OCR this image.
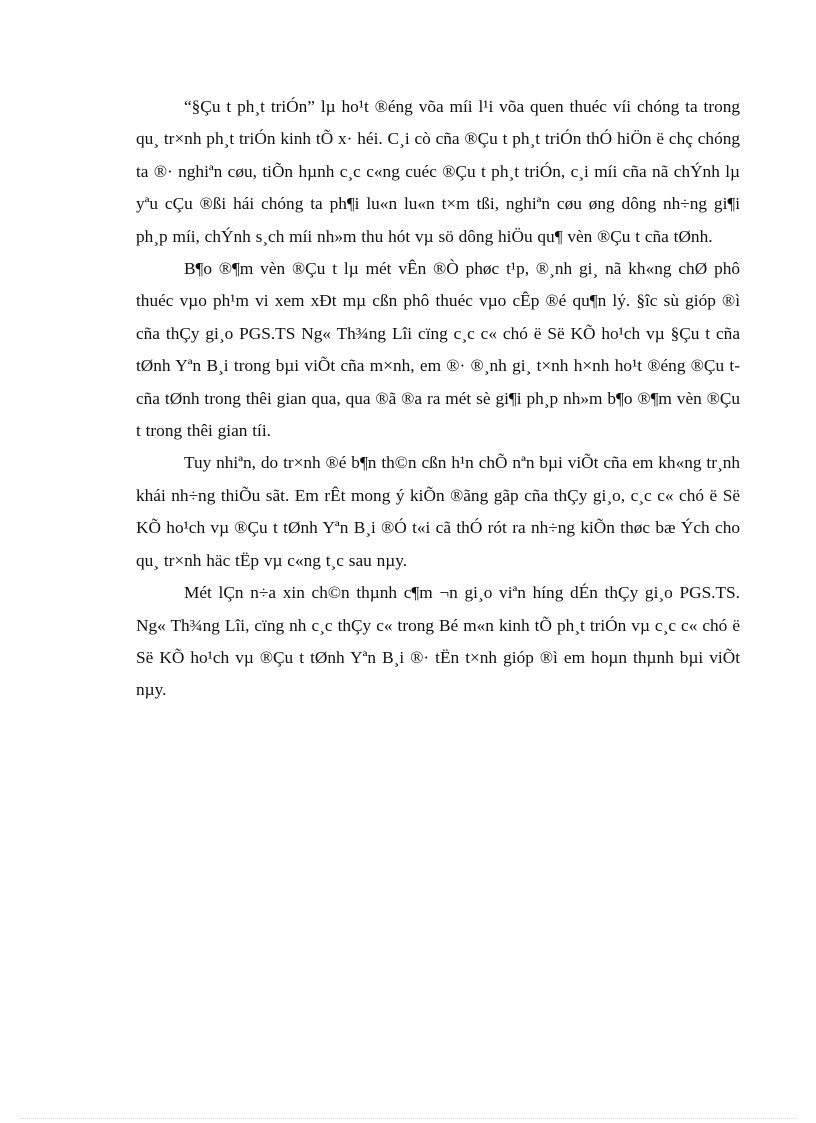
“§Çu t ph¸t triÓn” lµ ho¹t ®éng võa míi l¹i võa quen thuéc víi chóng ta trong qu¸ tr×nh ph¸t triÓn kinh tÕ x· héi. C¸i cò cña ®Çu t ph¸t triÓn thÓ hiÖn ë chç chóng ta ®· nghiªn cøu, tiÕn hµnh c¸c c«ng cuéc ®Çu t ph¸t triÓn, c¸i míi cña nã chÝnh lµ yªu cÇu ®ßi hái chóng ta ph¶i lu«n lu«n t×m tßi, nghiªn cøu øng dông nh÷ng gi¶i ph¸p míi, chÝnh s¸ch míi nh»m thu hót vµ sö dông hiÖu qu¶ vèn ®Çu t cña tØnh.

B¶o ®¶m vèn ®Çu t lµ mét vÊn ®Ò phøc t¹p, ®¸nh gi¸ nã kh«ng chØ phô thuéc vµo ph¹m vi xem xÐt mµ cßn phô thuéc vµo cÊp ®é qu¶n lý. §îc sù gióp ®ì cña thÇy gi¸o PGS.TS Ng« Th¾ng Lîi cïng c¸c c« chó ë Së KÕ ho¹ch vµ §Çu t cña tØnh Yªn B¸i trong bµi viÕt cña m×nh, em ®· ®¸nh gi¸ t×nh h×nh ho¹t ®éng ®Çu t cña tØnh trong thêi gian qua, qua ®ã ®a ra mét sè gi¶i ph¸p nh»m b¶o ®¶m vèn ®Çu t trong thêi gian tíi.

Tuy nhiªn, do tr×nh ®é b¶n th©n cßn h¹n chÕ nªn bµi viÕt cña em kh«ng tr¸nh khái nh÷ng thiÕu sãt. Em rÊt mong ý kiÕn ®ãng gãp cña thÇy gi¸o, c¸c c« chó ë Së KÕ ho¹ch vµ ®Çu t tØnh Yªn B¸i ®Ó t«i cã thÓ rót ra nh÷ng kiÕn thøc bæ Ých cho qu¸ tr×nh häc tËp vµ c«ng t¸c sau nµy.

Mét lÇn n÷a xin ch©n thµnh c¶m ¬n gi¸o viªn híng dÉn thÇy gi¸o PGS.TS. Ng« Th¾ng Lîi, cïng nh c¸c thÇy c« trong Bé m«n kinh tÕ ph¸t triÓn vµ c¸c c« chó ë Së KÕ ho¹ch vµ ®Çu t tØnh Yªn B¸i ®· tËn t×nh gióp ®ì em hoµn thµnh bµi viÕt nµy.
